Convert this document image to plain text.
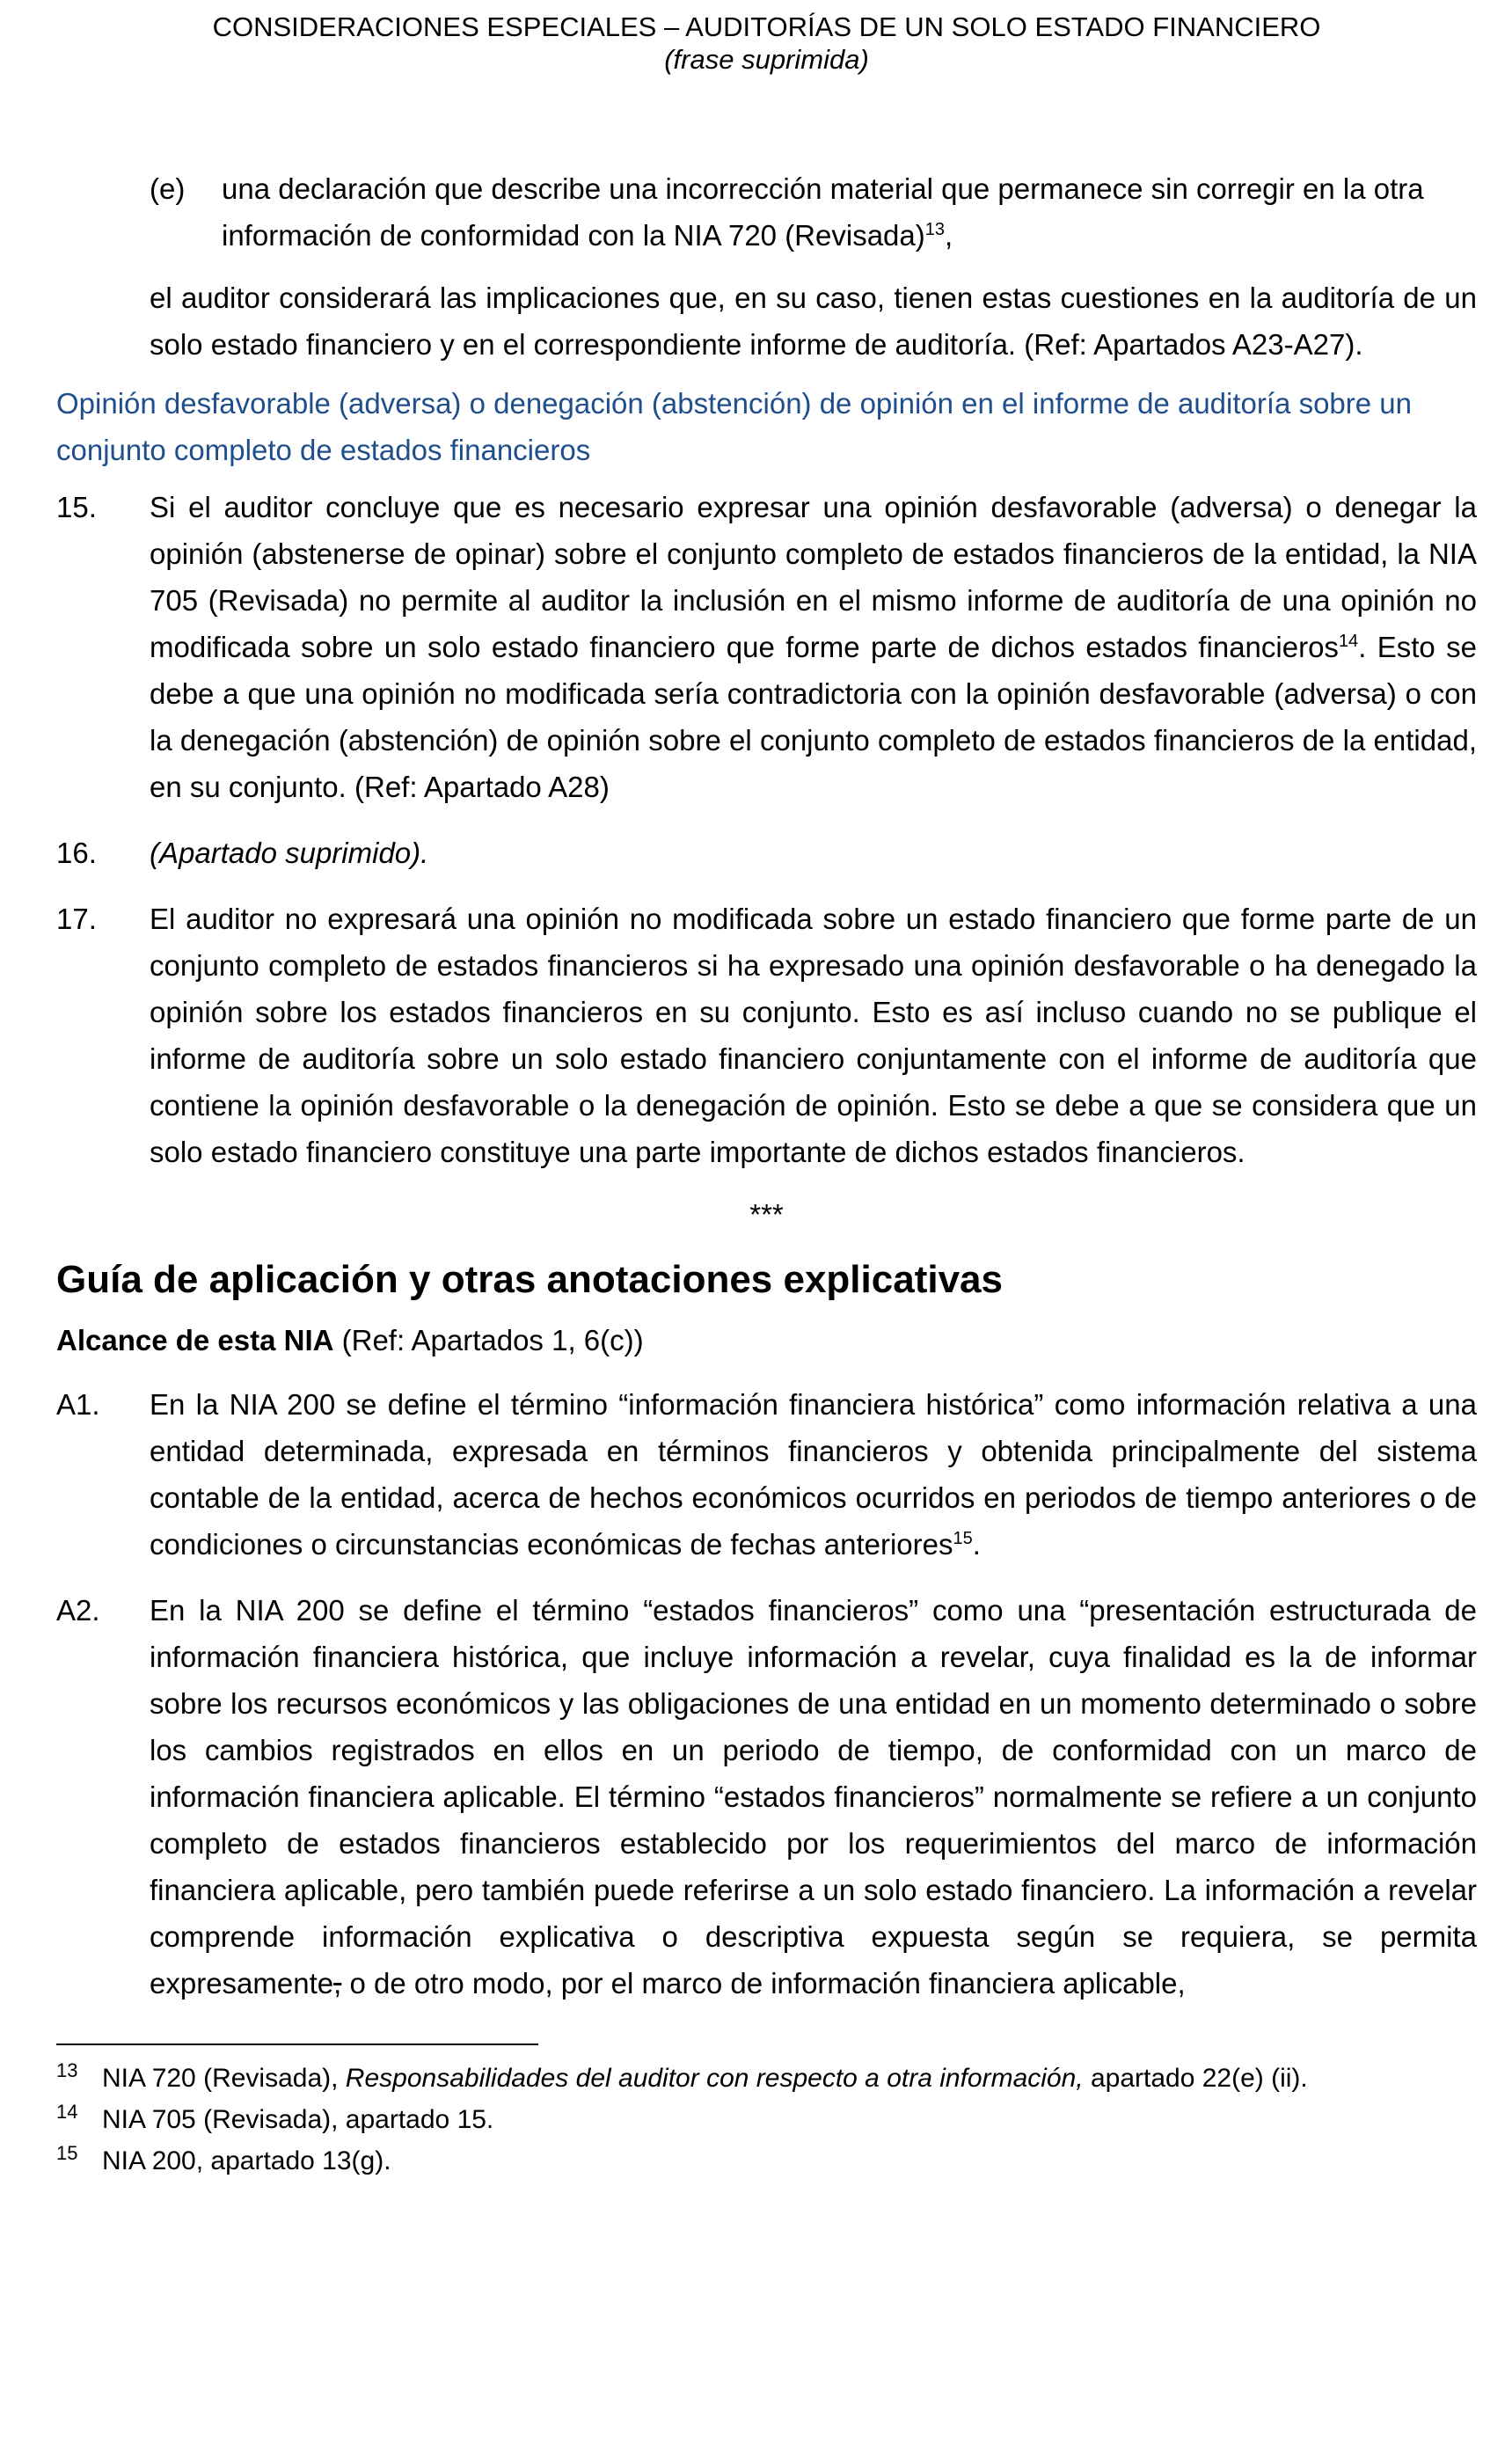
CONSIDERACIONES ESPECIALES – AUDITORÍAS DE UN SOLO ESTADO FINANCIERO
(frase suprimida)
(e)	una declaración que describe una incorrección material que permanece sin corregir en la otra información de conformidad con la NIA 720 (Revisada)$^{13}$,

el auditor considerará las implicaciones que, en su caso, tienen estas cuestiones en la auditoría de un solo estado financiero y en el correspondiente informe de auditoría. (Ref: Apartados A23-A27).

Opinión desfavorable (adversa) o denegación (abstención) de opinión en el informe de auditoría sobre un conjunto completo de estados financieros

15.	Si el auditor concluye que es necesario expresar una opinión desfavorable (adversa) o denegar la opinión (abstenerse de opinar) sobre el conjunto completo de estados financieros de la entidad, la NIA 705 (Revisada) no permite al auditor la inclusión en el mismo informe de auditoría de una opinión no modificada sobre un solo estado financiero que forme parte de dichos estados financieros$^{14}$. Esto se debe a que una opinión no modificada sería contradictoria con la opinión desfavorable (adversa) o con la denegación (abstención) de opinión sobre el conjunto completo de estados financieros de la entidad, en su conjunto. (Ref: Apartado A28)
16.	(Apartado suprimido).
17.	El auditor no expresará una opinión no modificada sobre un estado financiero que forme parte de un conjunto completo de estados financieros si ha expresado una opinión desfavorable o ha denegado la opinión sobre los estados financieros en su conjunto. Esto es así incluso cuando no se publique el informe de auditoría sobre un solo estado financiero conjuntamente con el informe de auditoría que contiene la opinión desfavorable o la denegación de opinión. Esto se debe a que se considera que un solo estado financiero constituye una parte importante de dichos estados financieros.
***
Guía de aplicación y otras anotaciones explicativas
Alcance de esta NIA (Ref: Apartados 1, 6(c))
A1.	En la NIA 200 se define el término “información financiera histórica” como información relativa a una entidad determinada, expresada en términos financieros y obtenida principalmente del sistema contable de la entidad, acerca de hechos económicos ocurridos en periodos de tiempo anteriores o de condiciones o circunstancias económicas de fechas anteriores$^{15}$.
A2.	En la NIA 200 se define el término “estados financieros” como una “presentación estructurada de información financiera histórica, que incluye información a revelar, cuya finalidad es la de informar sobre los recursos económicos y las obligaciones de una entidad en un momento determinado o sobre los cambios registrados en ellos en un periodo de tiempo, de conformidad con un marco de información financiera aplicable. El término “estados financieros” normalmente se refiere a un conjunto completo de estados financieros establecido por los requerimientos del marco de información financiera aplicable, pero también puede referirse a un solo estado financiero. La información a revelar comprende información explicativa o descriptiva expuesta según se requiera, se permita expresamente, o de otro modo, por el marco de información financiera aplicable,
13 NIA 720 (Revisada), Responsabilidades del auditor con respecto a otra información, apartado 22(e) (ii).
14 NIA 705 (Revisada), apartado 15.
15 NIA 200, apartado 13(g).
